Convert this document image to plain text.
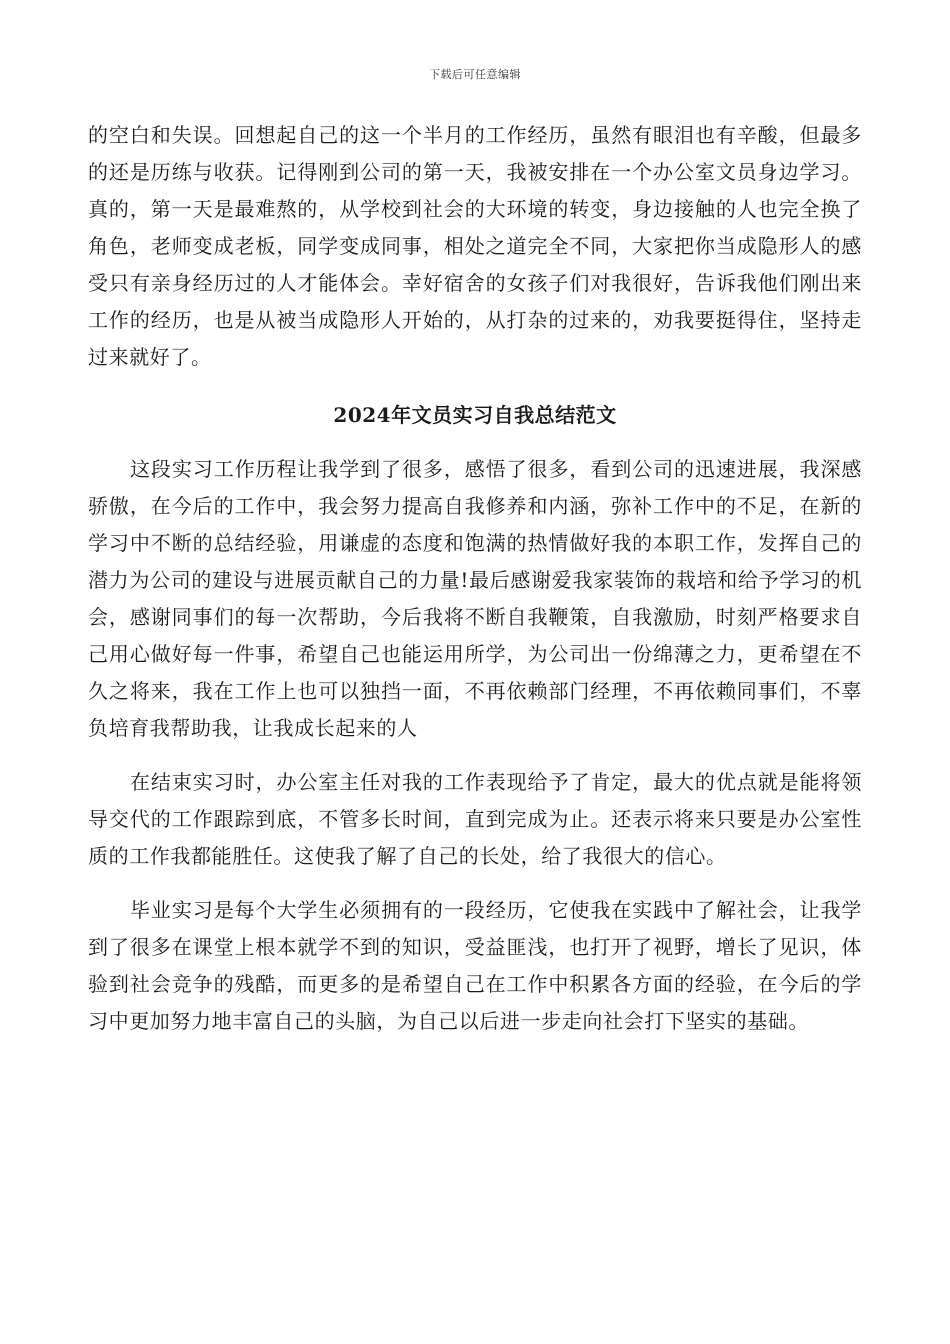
下载后可任意编辑

的空白和失误。回想起自己的这一个半月的工作经历，虽然有眼泪也有辛酸，但最多的还是历练与收获。记得刚到公司的第一天，我被安排在一个办公室文员身边学习。真的，第一天是最难熬的，从学校到社会的大环境的转变，身边接触的人也完全换了角色，老师变成老板，同学变成同事，相处之道完全不同，大家把你当成隐形人的感受只有亲身经历过的人才能体会。幸好宿舍的女孩子们对我很好，告诉我他们刚出来工作的经历，也是从被当成隐形人开始的，从打杂的过来的，劝我要挺得住，坚持走过来就好了。

2024年文员实习自我总结范文

这段实习工作历程让我学到了很多，感悟了很多，看到公司的迅速进展，我深感骄傲，在今后的工作中，我会努力提高自我修养和内涵，弥补工作中的不足，在新的学习中不断的总结经验，用谦虚的态度和饱满的热情做好我的本职工作，发挥自己的潜力为公司的建设与进展贡献自己的力量!最后感谢爱我家装饰的栽培和给予学习的机会，感谢同事们的每一次帮助，今后我将不断自我鞭策，自我激励，时刻严格要求自己用心做好每一件事，希望自己也能运用所学，为公司出一份绵薄之力，更希望在不久之将来，我在工作上也可以独挡一面，不再依赖部门经理，不再依赖同事们，不辜负培育我帮助我，让我成长起来的人

在结束实习时，办公室主任对我的工作表现给予了肯定，最大的优点就是能将领导交代的工作跟踪到底，不管多长时间，直到完成为止。还表示将来只要是办公室性质的工作我都能胜任。这使我了解了自己的长处，给了我很大的信心。

毕业实习是每个大学生必须拥有的一段经历，它使我在实践中了解社会，让我学到了很多在课堂上根本就学不到的知识，受益匪浅，也打开了视野，增长了见识，体验到社会竞争的残酷，而更多的是希望自己在工作中积累各方面的经验，在今后的学习中更加努力地丰富自己的头脑，为自己以后进一步走向社会打下坚实的基础。
